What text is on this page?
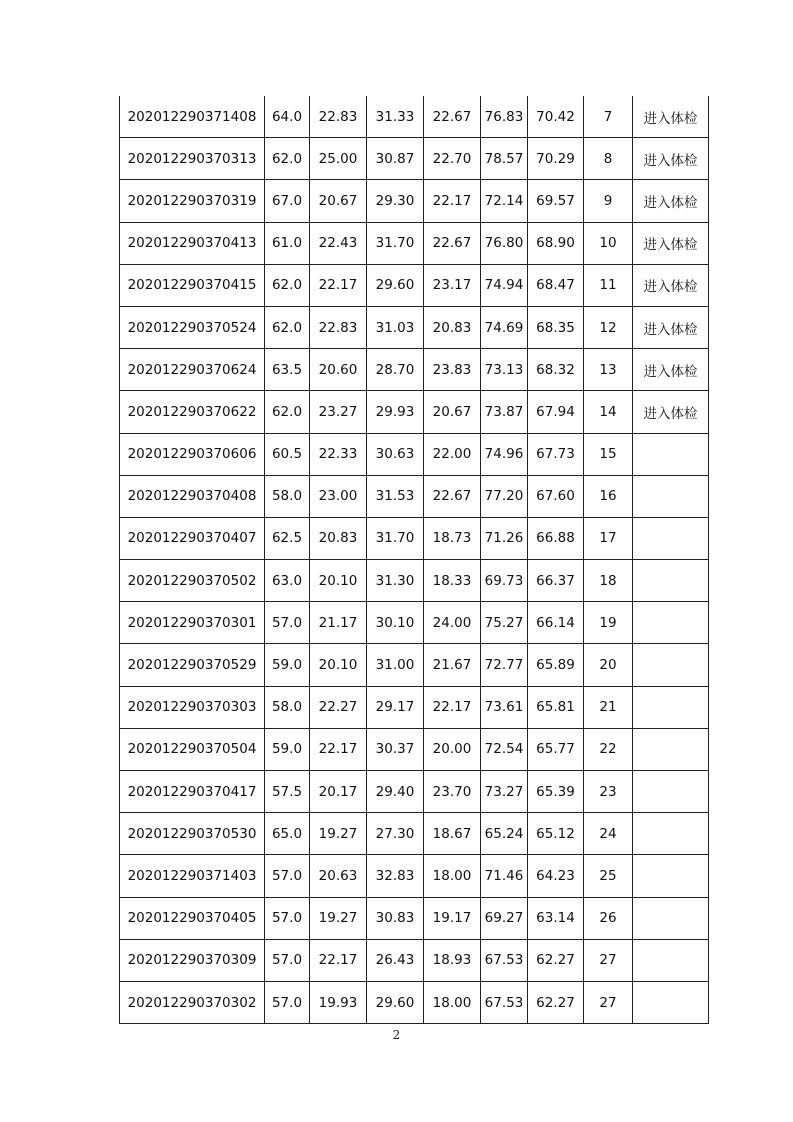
202012290371408	64.0	22.83	31.33	22.67	76.83	70.42	7	进入体检
202012290370313	62.0	25.00	30.87	22.70	78.57	70.29	8	进入体检
202012290370319	67.0	20.67	29.30	22.17	72.14	69.57	9	进入体检
202012290370413	61.0	22.43	31.70	22.67	76.80	68.90	10	进入体检
202012290370415	62.0	22.17	29.60	23.17	74.94	68.47	11	进入体检
202012290370524	62.0	22.83	31.03	20.83	74.69	68.35	12	进入体检
202012290370624	63.5	20.60	28.70	23.83	73.13	68.32	13	进入体检
202012290370622	62.0	23.27	29.93	20.67	73.87	67.94	14	进入体检
202012290370606	60.5	22.33	30.63	22.00	74.96	67.73	15	
202012290370408	58.0	23.00	31.53	22.67	77.20	67.60	16	
202012290370407	62.5	20.83	31.70	18.73	71.26	66.88	17	
202012290370502	63.0	20.10	31.30	18.33	69.73	66.37	18	
202012290370301	57.0	21.17	30.10	24.00	75.27	66.14	19	
202012290370529	59.0	20.10	31.00	21.67	72.77	65.89	20	
202012290370303	58.0	22.27	29.17	22.17	73.61	65.81	21	
202012290370504	59.0	22.17	30.37	20.00	72.54	65.77	22	
202012290370417	57.5	20.17	29.40	23.70	73.27	65.39	23	
202012290370530	65.0	19.27	27.30	18.67	65.24	65.12	24	
202012290371403	57.0	20.63	32.83	18.00	71.46	64.23	25	
202012290370405	57.0	19.27	30.83	19.17	69.27	63.14	26	
202012290370309	57.0	22.17	26.43	18.93	67.53	62.27	27	
202012290370302	57.0	19.93	29.60	18.00	67.53	62.27	27	
2
